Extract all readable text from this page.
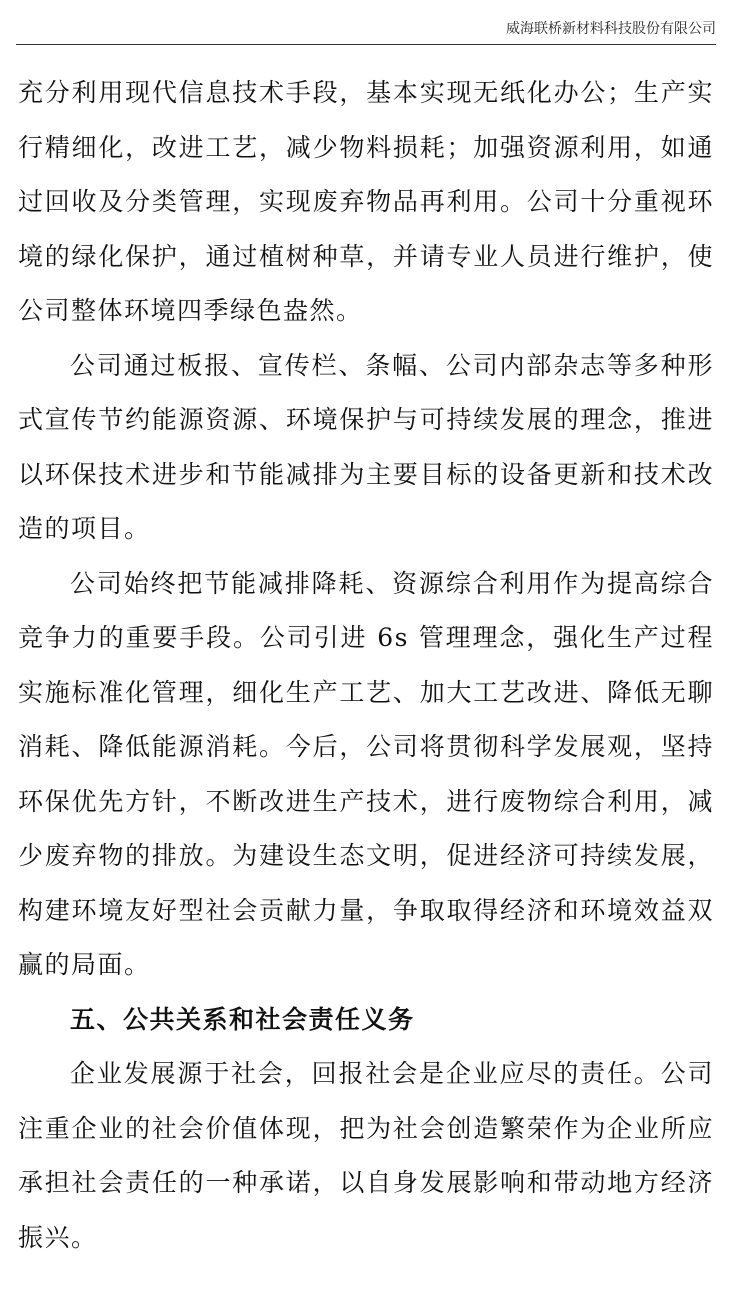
威海联桥新材料科技股份有限公司

充分利用现代信息技术手段，基本实现无纸化办公；生产实行精细化，改进工艺，减少物料损耗；加强资源利用，如通过回收及分类管理，实现废弃物品再利用。公司十分重视环境的绿化保护，通过植树种草，并请专业人员进行维护，使公司整体环境四季绿色盎然。

公司通过板报、宣传栏、条幅、公司内部杂志等多种形式宣传节约能源资源、环境保护与可持续发展的理念，推进以环保技术进步和节能减排为主要目标的设备更新和技术改造的项目。

公司始终把节能减排降耗、资源综合利用作为提高综合竞争力的重要手段。公司引进 6s 管理理念，强化生产过程实施标准化管理，细化生产工艺、加大工艺改进、降低无聊消耗、降低能源消耗。今后，公司将贯彻科学发展观，坚持环保优先方针，不断改进生产技术，进行废物综合利用，减少废弃物的排放。为建设生态文明，促进经济可持续发展，构建环境友好型社会贡献力量，争取取得经济和环境效益双赢的局面。

五、公共关系和社会责任义务

企业发展源于社会，回报社会是企业应尽的责任。公司注重企业的社会价值体现，把为社会创造繁荣作为企业所应承担社会责任的一种承诺，以自身发展影响和带动地方经济振兴。
